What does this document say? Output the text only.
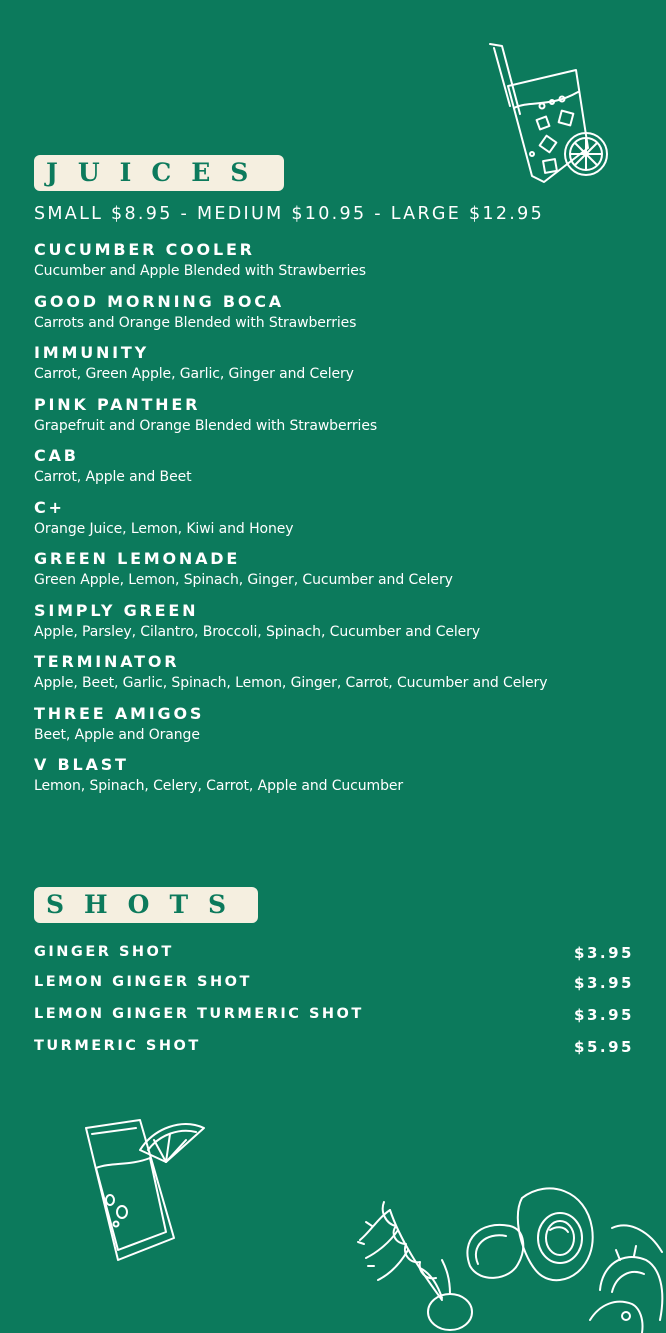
JUICES
SMALL $8.95 - MEDIUM $10.95 - LARGE $12.95
CUCUMBER COOLER
Cucumber and Apple Blended with Strawberries
GOOD MORNING BOCA
Carrots and Orange Blended with Strawberries
IMMUNITY
Carrot, Green Apple, Garlic, Ginger and Celery
PINK PANTHER
Grapefruit and Orange Blended with Strawberries
CAB
Carrot, Apple and Beet
C+
Orange Juice, Lemon, Kiwi and Honey
GREEN LEMONADE
Green Apple, Lemon, Spinach, Ginger, Cucumber and Celery
SIMPLY GREEN
Apple, Parsley, Cilantro, Broccoli, Spinach, Cucumber and Celery
TERMINATOR
Apple, Beet, Garlic, Spinach, Lemon, Ginger, Carrot, Cucumber and Celery
THREE AMIGOS
Beet, Apple and Orange
V BLAST
Lemon, Spinach, Celery, Carrot, Apple and Cucumber
SHOTS
GINGER SHOT	$3.95
LEMON GINGER SHOT	$3.95
LEMON GINGER TURMERIC SHOT	$3.95
TURMERIC SHOT	$5.95
